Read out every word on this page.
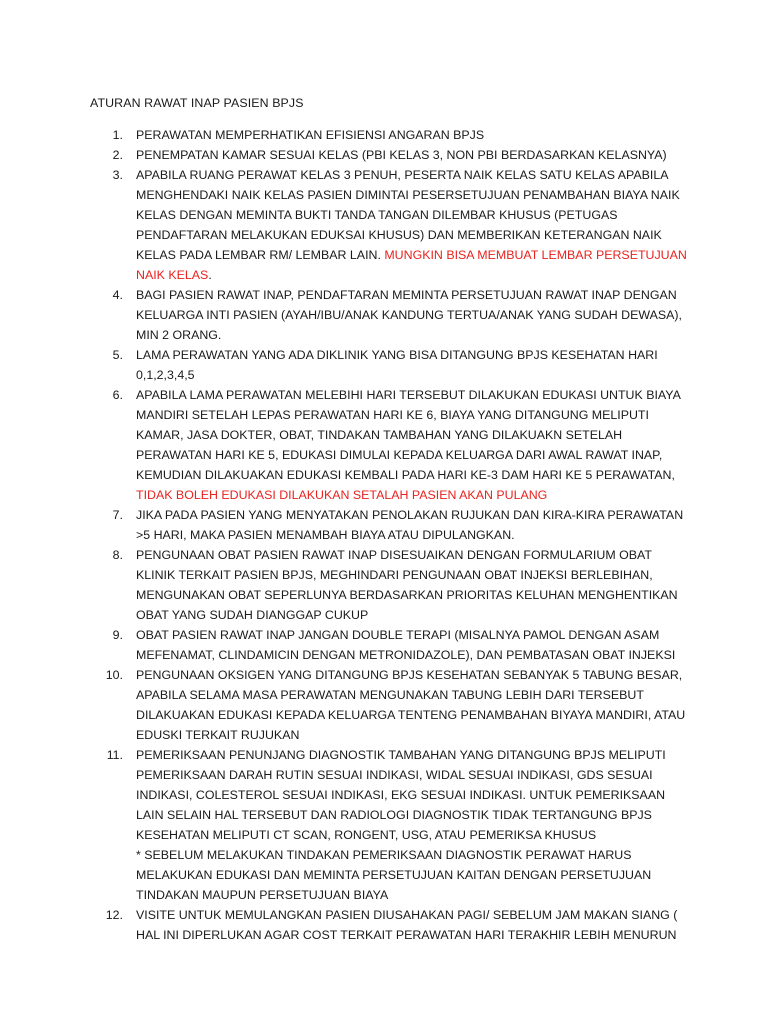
ATURAN RAWAT INAP PASIEN BPJS
1. PERAWATAN MEMPERHATIKAN EFISIENSI ANGARAN BPJS
2. PENEMPATAN KAMAR SESUAI KELAS (PBI KELAS 3, NON PBI BERDASARKAN KELASNYA)
3. APABILA RUANG PERAWAT KELAS 3 PENUH, PESERTA NAIK KELAS SATU KELAS APABILA MENGHENDAKI NAIK KELAS PASIEN DIMINTAI PESERSETUJUAN PENAMBAHAN BIAYA NAIK KELAS DENGAN MEMINTA BUKTI TANDA TANGAN DILEMBAR KHUSUS (PETUGAS PENDAFTARAN MELAKUKAN EDUKSAI KHUSUS) DAN MEMBERIKAN KETERANGAN NAIK KELAS PADA LEMBAR RM/ LEMBAR LAIN. MUNGKIN BISA MEMBUAT LEMBAR PERSETUJUAN NAIK KELAS.
4. BAGI PASIEN RAWAT INAP, PENDAFTARAN MEMINTA PERSETUJUAN RAWAT INAP DENGAN KELUARGA INTI PASIEN (AYAH/IBU/ANAK KANDUNG TERTUA/ANAK YANG SUDAH DEWASA), MIN 2 ORANG.
5. LAMA PERAWATAN YANG ADA DIKLINIK YANG BISA DITANGUNG BPJS KESEHATAN HARI 0,1,2,3,4,5
6. APABILA LAMA PERAWATAN MELEBIHI HARI TERSEBUT DILAKUKAN EDUKASI UNTUK BIAYA MANDIRI SETELAH LEPAS PERAWATAN HARI KE 6, BIAYA YANG DITANGUNG MELIPUTI KAMAR, JASA DOKTER, OBAT, TINDAKAN TAMBAHAN YANG DILAKUAKN SETELAH PERAWATAN HARI KE 5, EDUKASI DIMULAI KEPADA KELUARGA DARI AWAL RAWAT INAP, KEMUDIAN DILAKUAKAN EDUKASI KEMBALI PADA HARI KE-3 DAM HARI KE 5 PERAWATAN, TIDAK BOLEH EDUKASI DILAKUKAN SETALAH PASIEN AKAN PULANG
7. JIKA PADA PASIEN YANG MENYATAKAN PENOLAKAN RUJUKAN DAN KIRA-KIRA PERAWATAN >5 HARI, MAKA PASIEN MENAMBAH BIAYA ATAU DIPULANGKAN.
8. PENGUNAAN OBAT PASIEN RAWAT INAP DISESUAIKAN DENGAN FORMULARIUM OBAT KLINIK TERKAIT PASIEN BPJS, MEGHINDARI PENGUNAAN OBAT INJEKSI BERLEBIHAN, MENGUNAKAN OBAT SEPERLUNYA BERDASARKAN PRIORITAS KELUHAN MENGHENTIKAN OBAT YANG SUDAH DIANGGAP CUKUP
9. OBAT PASIEN RAWAT INAP JANGAN DOUBLE TERAPI (MISALNYA PAMOL DENGAN ASAM MEFENAMAT, CLINDAMICIN DENGAN METRONIDAZOLE), DAN PEMBATASAN OBAT INJEKSI
10. PENGUNAAN OKSIGEN YANG DITANGUNG BPJS KESEHATAN SEBANYAK 5 TABUNG BESAR, APABILA SELAMA MASA PERAWATAN MENGUNAKAN TABUNG LEBIH DARI TERSEBUT DILAKUAKAN EDUKASI KEPADA KELUARGA TENTENG PENAMBAHAN BIYAYA MANDIRI, ATAU EDUSKI TERKAIT RUJUKAN
11. PEMERIKSAAN PENUNJANG DIAGNOSTIK TAMBAHAN YANG DITANGUNG BPJS MELIPUTI PEMERIKSAAN DARAH RUTIN SESUAI INDIKASI, WIDAL SESUAI INDIKASI, GDS SESUAI INDIKASI, COLESTEROL SESUAI INDIKASI, EKG SESUAI INDIKASI. UNTUK PEMERIKSAAN LAIN SELAIN HAL TERSEBUT DAN RADIOLOGI DIAGNOSTIK TIDAK TERTANGUNG BPJS KESEHATAN MELIPUTI CT SCAN, RONGENT, USG, ATAU PEMERIKSA KHUSUS
* SEBELUM MELAKUKAN TINDAKAN PEMERIKSAAN DIAGNOSTIK PERAWAT HARUS MELAKUKAN EDUKASI DAN MEMINTA PERSETUJUAN KAITAN DENGAN PERSETUJUAN TINDAKAN MAUPUN PERSETUJUAN BIAYA
12. VISITE UNTUK MEMULANGKAN PASIEN DIUSAHAKAN PAGI/ SEBELUM JAM MAKAN SIANG ( HAL INI DIPERLUKAN AGAR COST TERKAIT PERAWATAN HARI TERAKHIR LEBIH MENURUN
